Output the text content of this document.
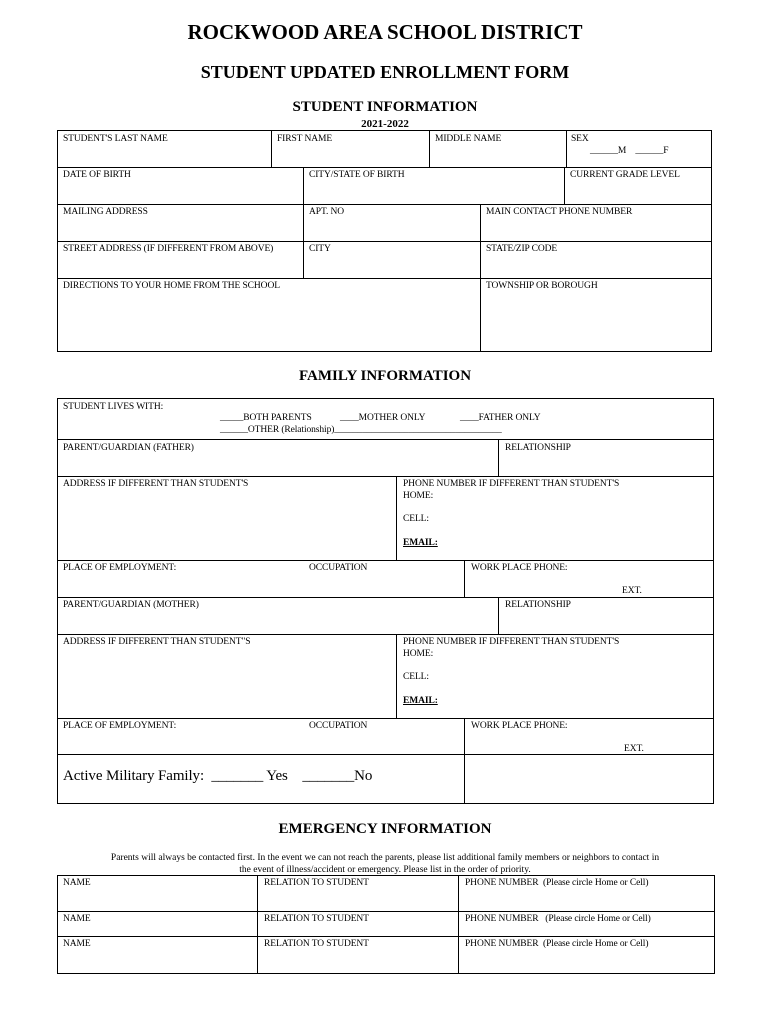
ROCKWOOD AREA SCHOOL DISTRICT
STUDENT UPDATED ENROLLMENT FORM
STUDENT INFORMATION
2021-2022
STUDENT'S LAST NAME	FIRST NAME	MIDDLE NAME	SEX
______M    ______F
DATE OF BIRTH	CITY/STATE OF BIRTH	CURRENT GRADE LEVEL
MAILING ADDRESS	APT. NO	MAIN CONTACT PHONE NUMBER
STREET ADDRESS (IF DIFFERENT FROM ABOVE)	CITY	STATE/ZIP CODE
DIRECTIONS TO YOUR HOME FROM THE SCHOOL	TOWNSHIP OR BOROUGH
FAMILY INFORMATION
STUDENT LIVES WITH:
_____BOTH PARENTS	____MOTHER ONLY	____FATHER ONLY
______OTHER (Relationship)____________________________________
PARENT/GUARDIAN (FATHER)	RELATIONSHIP
ADDRESS IF DIFFERENT THAN STUDENT'S	PHONE NUMBER IF DIFFERENT THAN STUDENT'S
HOME:
CELL:
EMAIL:
PLACE OF EMPLOYMENT:	OCCUPATION	WORK PLACE PHONE:
EXT.
PARENT/GUARDIAN (MOTHER)	RELATIONSHIP
ADDRESS IF DIFFERENT THAN STUDENT"S	PHONE NUMBER IF DIFFERENT THAN STUDENT'S
HOME:
CELL:
EMAIL:
PLACE OF EMPLOYMENT:	OCCUPATION	WORK PLACE PHONE:
EXT.
Active Military Family:  _______ Yes    _______No
EMERGENCY INFORMATION
Parents will always be contacted first. In the event we can not reach the parents, please list additional family members or neighbors to contact in
the event of illness/accident or emergency. Please list in the order of priority.
NAME	RELATION TO STUDENT	PHONE NUMBER  (Please circle Home or Cell)
NAME	RELATION TO STUDENT	PHONE NUMBER   (Please circle Home or Cell)
NAME	RELATION TO STUDENT	PHONE NUMBER  (Please circle Home or Cell)
